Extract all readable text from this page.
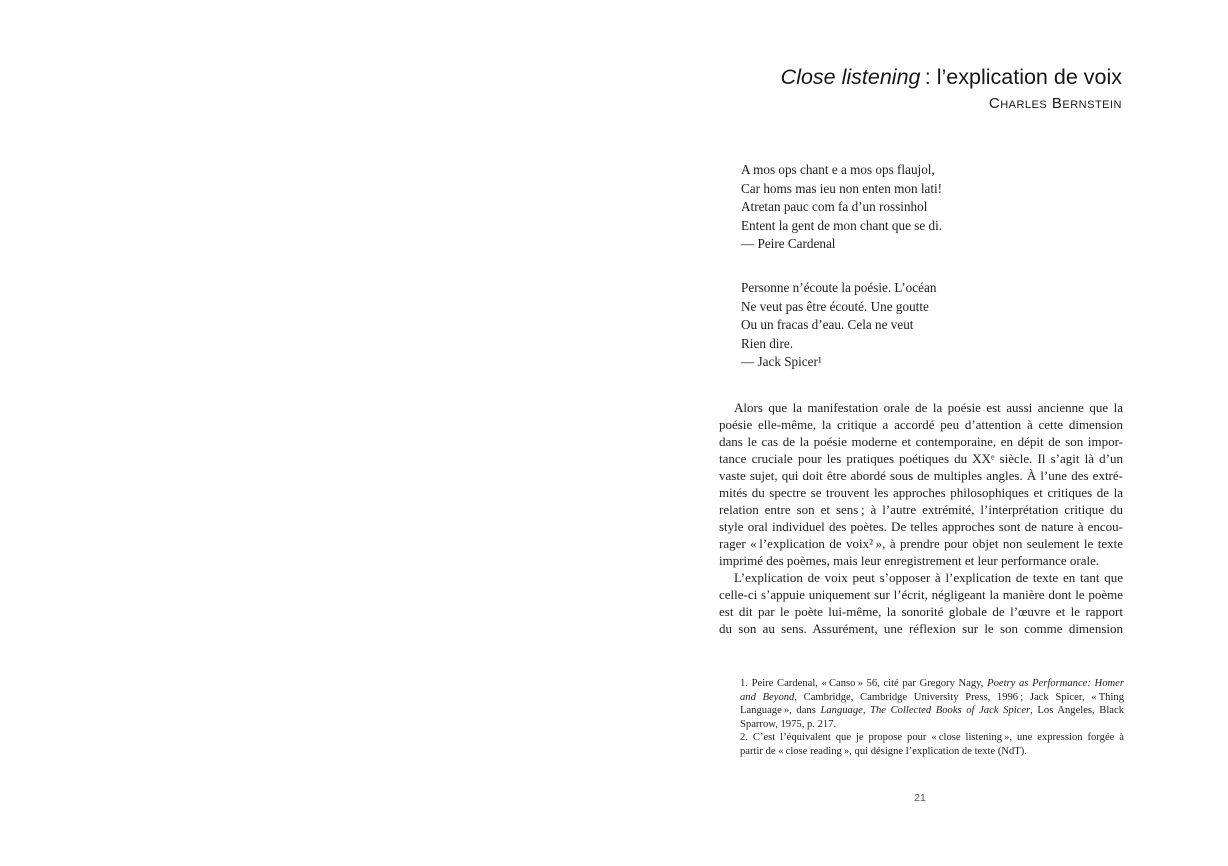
Close listening : l’explication de voix
Charles Bernstein
A mos ops chant e a mos ops flaujol,
Car homs mas ieu non enten mon lati!
Atretan pauc com fa d’un rossinhol
Entent la gent de mon chant que se di.
— Peire Cardenal
Personne n’écoute la poésie. L’océan
Ne veut pas être écouté. Une goutte
Ou un fracas d’eau. Cela ne veut
Rien dire.
— Jack Spicer¹
Alors que la manifestation orale de la poésie est aussi ancienne que la
poésie elle-même, la critique a accordé peu d’attention à cette dimension
dans le cas de la poésie moderne et contemporaine, en dépit de son impor-
tance cruciale pour les pratiques poétiques du XXᵉ siècle. Il s’agit là d’un
vaste sujet, qui doit être abordé sous de multiples angles. À l’une des extré-
mités du spectre se trouvent les approches philosophiques et critiques de la
relation entre son et sens ; à l’autre extrémité, l’interprétation critique du
style oral individuel des poètes. De telles approches sont de nature à encou-
rager « l’explication de voix² », à prendre pour objet non seulement le texte
imprimé des poèmes, mais leur enregistrement et leur performance orale.
L’explication de voix peut s’opposer à l’explication de texte en tant que
celle-ci s’appuie uniquement sur l’écrit, négligeant la manière dont le poème
est dit par le poète lui-même, la sonorité globale de l’œuvre et le rapport
du son au sens. Assurément, une réflexion sur le son comme dimension
1. Peire Cardenal, « Canso » 56, cité par Gregory Nagy, Poetry as Performance: Homer
and Beyond, Cambridge, Cambridge University Press, 1996 ; Jack Spicer, « Thing
Language », dans Language, The Collected Books of Jack Spicer, Los Angeles, Black
Sparrow, 1975, p. 217.
2. C’est l’équivalent que je propose pour « close listening », une expression forgée à
partir de « close reading », qui désigne l’explication de texte (NdT).
21
